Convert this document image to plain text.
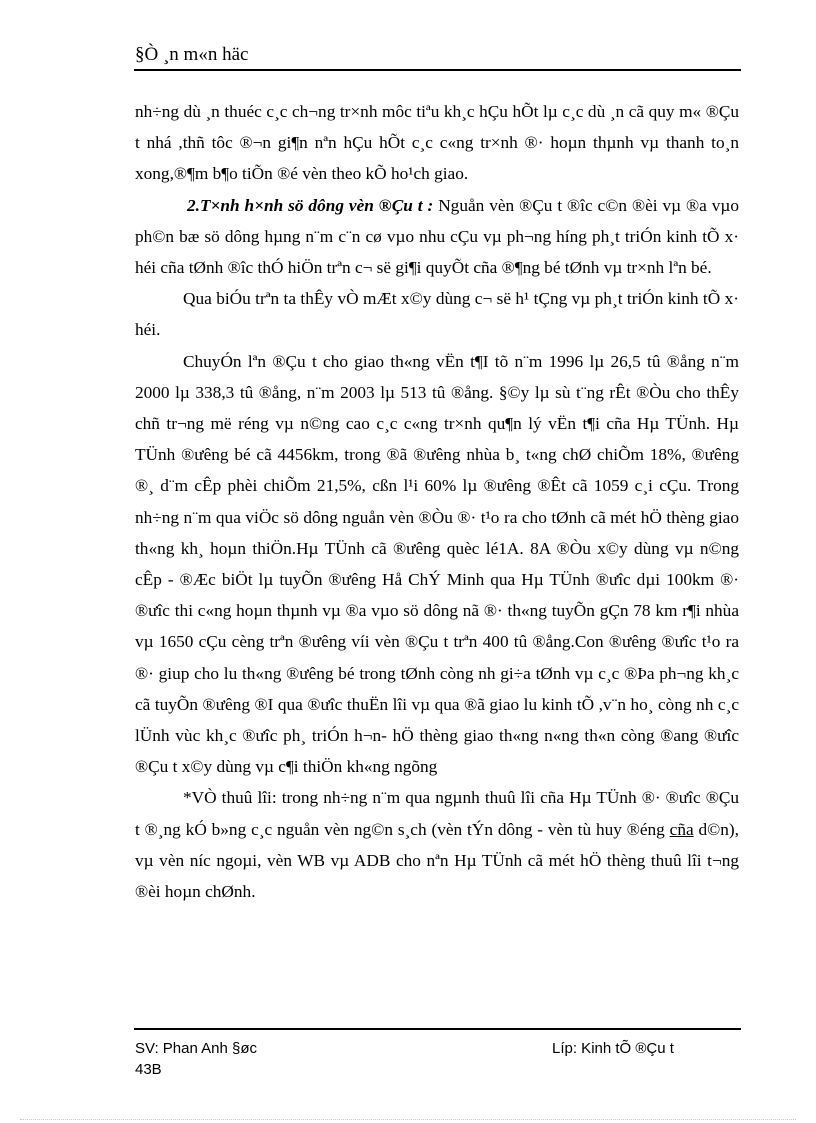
§Ò ¸n m«n häc

nh÷ng dù ¸n thuéc c¸c ch¬ng tr×nh môc tiªu kh¸c hÇu hÕt lµ c¸c dù ¸n cã quy m« ®Çu t nhá ,thñ tôc ®¬n gi¶n nªn hÇu hÕt c¸c c«ng tr×nh ®· hoµn thµnh vµ thanh to¸n xong,®¶m b¶o tiÕn ®é vèn theo kÕ ho¹ch giao.

2.T×nh h×nh sö dông vèn ®Çu t : Nguån vèn ®Çu t ®îc c©n ®èi vµ ®a vµo ph©n bæ sö dông hµng n¨m c¨n cø vµo nhu cÇu vµ ph¬ng híng ph¸t triÓn kinh tÕ x· héi cña tØnh ®îc thÓ hiÖn trªn c¬ së gi¶i quyÕt cña ®¶ng bé tØnh vµ tr×nh lªn bé.

Qua biÓu trªn ta thÊy vÒ mÆt x©y dùng c¬ së h¹ tÇng vµ ph¸t triÓn kinh tÕ x· héi.

ChuyÓn lªn ®Çu t cho giao th«ng vËn t¶I tõ n¨m 1996 lµ 26,5 tû ®ång n¨m 2000 lµ 338,3 tû ®ång, n¨m 2003 lµ 513 tû ®ång. §©y lµ sù t¨ng rÊt ®Òu cho thÊy chñ tr¬ng më réng vµ n©ng cao c¸c c«ng tr×nh qu¶n lý vËn t¶i cña Hµ TÜnh. Hµ TÜnh ®ưêng bé cã 4456km, trong ®ã ®ưêng nhùa b¸ t«ng chØ chiÕm 18%, ®ưêng ®¸ d¨m cÊp phèi chiÕm 21,5%, cßn l¹i 60% lµ ®ưêng ®Êt cã 1059 c¸i cÇu. Trong nh÷ng n¨m qua viÖc sö dông nguån vèn ®Òu ®· t¹o ra cho tØnh cã mét hÖ thèng giao th«ng kh¸ hoµn thiÖn.Hµ TÜnh cã ®ưêng quèc lé1A. 8A ®Òu x©y dùng vµ n©ng cÊp - ®Æc biÖt lµ tuyÕn ®ưêng Hå ChÝ Minh qua Hµ TÜnh ®ưîc dµi 100km ®· ®ưîc thi c«ng hoµn thµnh vµ ®a vµo sö dông nã ®· th«ng tuyÕn gÇn 78 km r¶i nhùa vµ 1650 cÇu cèng trªn ®ưêng víi vèn ®Çu t trªn 400 tû ®ång.Con ®ưêng ®ưîc t¹o ra ®· giup cho lu th«ng ®ưêng bé trong tØnh còng nh gi÷a tØnh vµ c¸c ®Þa ph¬ng kh¸c cã tuyÕn ®ưêng ®I qua ®ưîc thuËn lîi vµ qua ®ã giao lu kinh tÕ ,v¨n ho¸ còng nh c¸c lÜnh vùc kh¸c ®ưîc ph¸ triÓn h¬n- hÖ thèng giao th«ng n«ng th«n còng ®ang ®ưîc ®Çu t x©y dùng vµ c¶i thiÖn kh«ng ngõng

*VÒ thuû lîi: trong nh÷ng n¨m qua ngµnh thuû lîi cña Hµ TÜnh ®· ®ưîc ®Çu t ®¸ng kÓ b»ng c¸c nguån vèn ng©n s¸ch (vèn tÝn dông - vèn tù huy ®éng cña d©n), vµ vèn níc ngoµi, vèn WB vµ ADB cho nªn Hµ TÜnh cã mét hÖ thèng thuû lîi t¬ng ®èi hoµn chØnh.

SV: Phan Anh §øc 43B
Líp: Kinh tÕ ®Çu t
